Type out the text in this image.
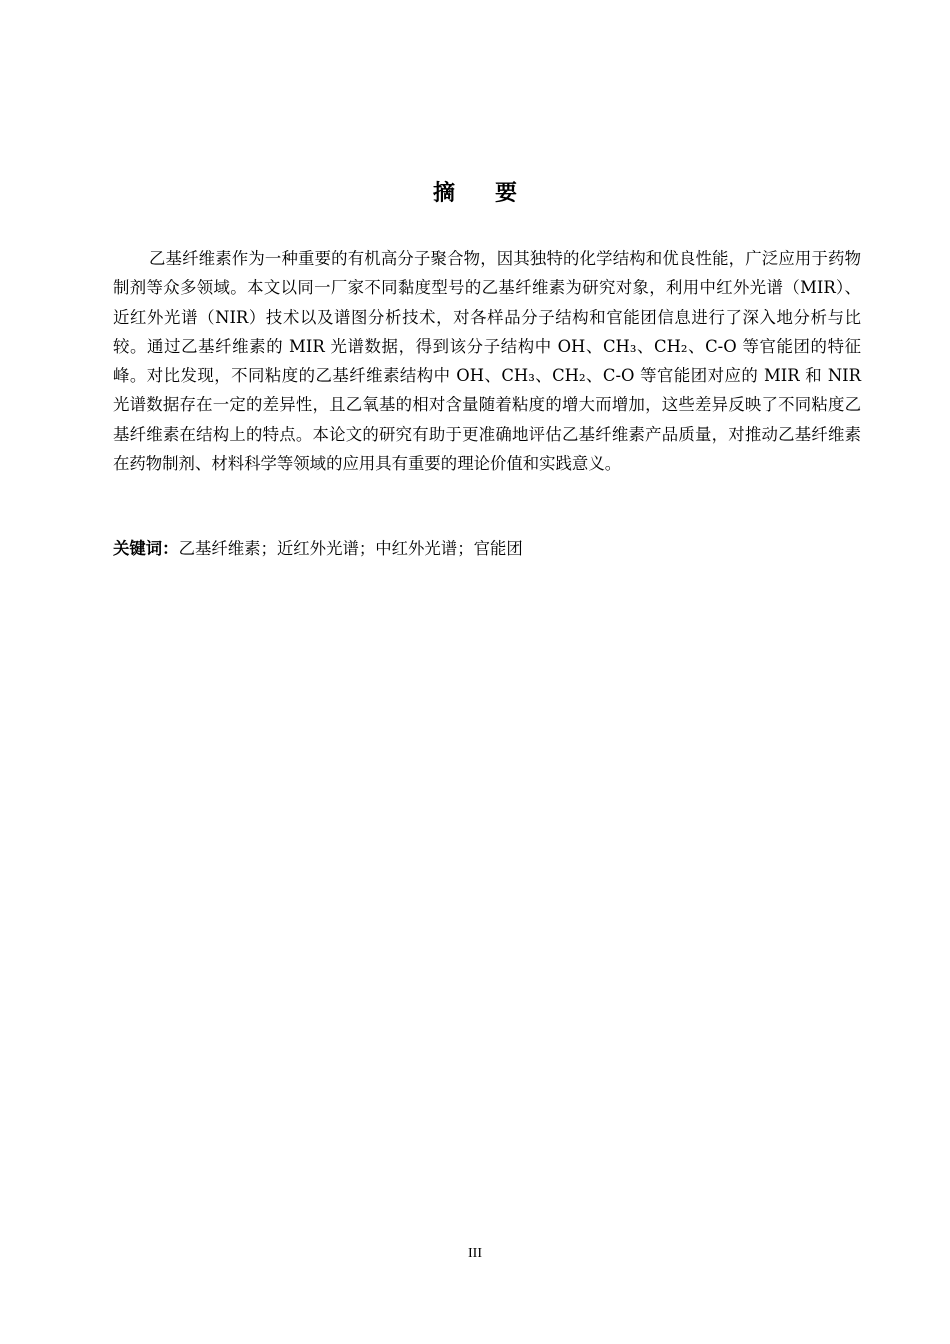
摘要

乙基纤维素作为一种重要的有机高分子聚合物，因其独特的化学结构和优良性能，广泛应用于药物制剂等众多领域。本文以同一厂家不同黏度型号的乙基纤维素为研究对象，利用中红外光谱（MIR）、近红外光谱（NIR）技术以及谱图分析技术，对各样品分子结构和官能团信息进行了深入地分析与比较。通过乙基纤维素的 MIR 光谱数据，得到该分子结构中 OH、CH₃、CH₂、C-O 等官能团的特征峰。对比发现，不同粘度的乙基纤维素结构中 OH、CH₃、CH₂、C-O 等官能团对应的 MIR 和 NIR 光谱数据存在一定的差异性，且乙氧基的相对含量随着粘度的增大而增加，这些差异反映了不同粘度乙基纤维素在结构上的特点。本论文的研究有助于更准确地评估乙基纤维素产品质量，对推动乙基纤维素在药物制剂、材料科学等领域的应用具有重要的理论价值和实践意义。

关键词：乙基纤维素；近红外光谱；中红外光谱；官能团
III
